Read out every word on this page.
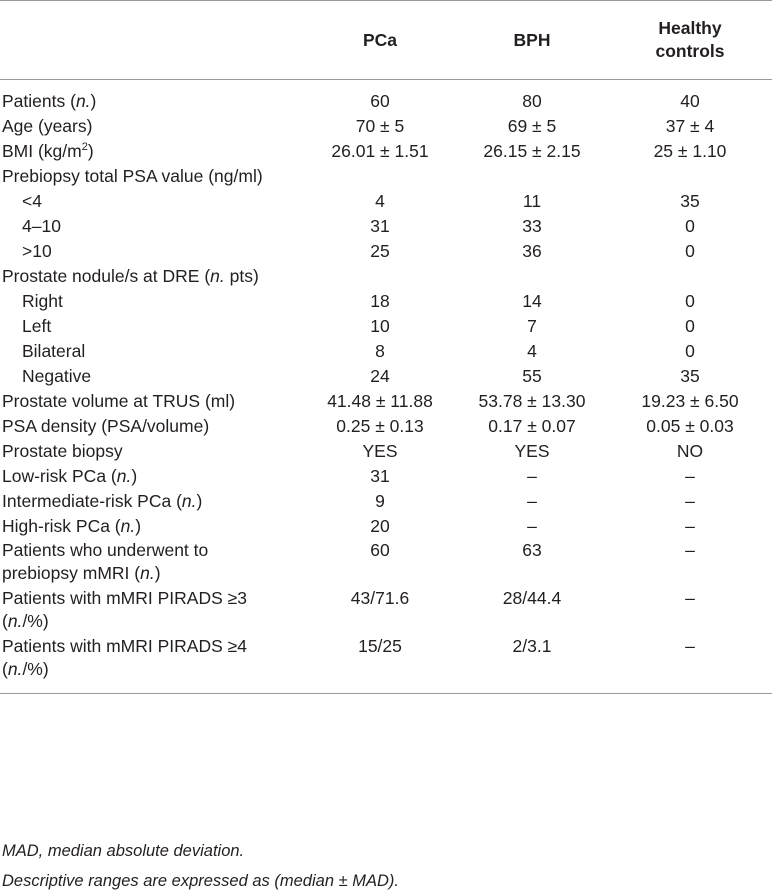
	PCa	BPH	Healthy controls
Patients (n.)	60	80	40
Age (years)	70 ± 5	69 ± 5	37 ± 4
BMI $(kg/m^2)$	26.01 ± 1.51	26.15 ± 2.15	25 ± 1.10
Prebiopsy total PSA value (ng/ml)			
<4	4	11	35
4–10	31	33	0
>10	25	36	0
Prostate nodule/s at DRE (n. pts)			
Right	18	14	0
Left	10	7	0
Bilateral	8	4	0
Negative	24	55	35
Prostate volume at TRUS (ml)	41.48 ± 11.88	53.78 ± 13.30	19.23 ± 6.50
PSA density (PSA/volume)	0.25 ± 0.13	0.17 ± 0.07	0.05 ± 0.03
Prostate biopsy	YES	YES	NO
Low-risk PCa (n.)	31	–	–
Intermediate-risk PCa (n.)	9	–	–
High-risk PCa (n.)	20	–	–
Patients who underwent to prebiopsy mMRI (n.)	60	63	–
Patients with mMRI PIRADS ≥3 (n./%)	43/71.6	28/44.4	–
Patients with mMRI PIRADS ≥4 (n./%)	15/25	2/3.1	–
MAD, median absolute deviation.
Descriptive ranges are expressed as (median ± MAD).
